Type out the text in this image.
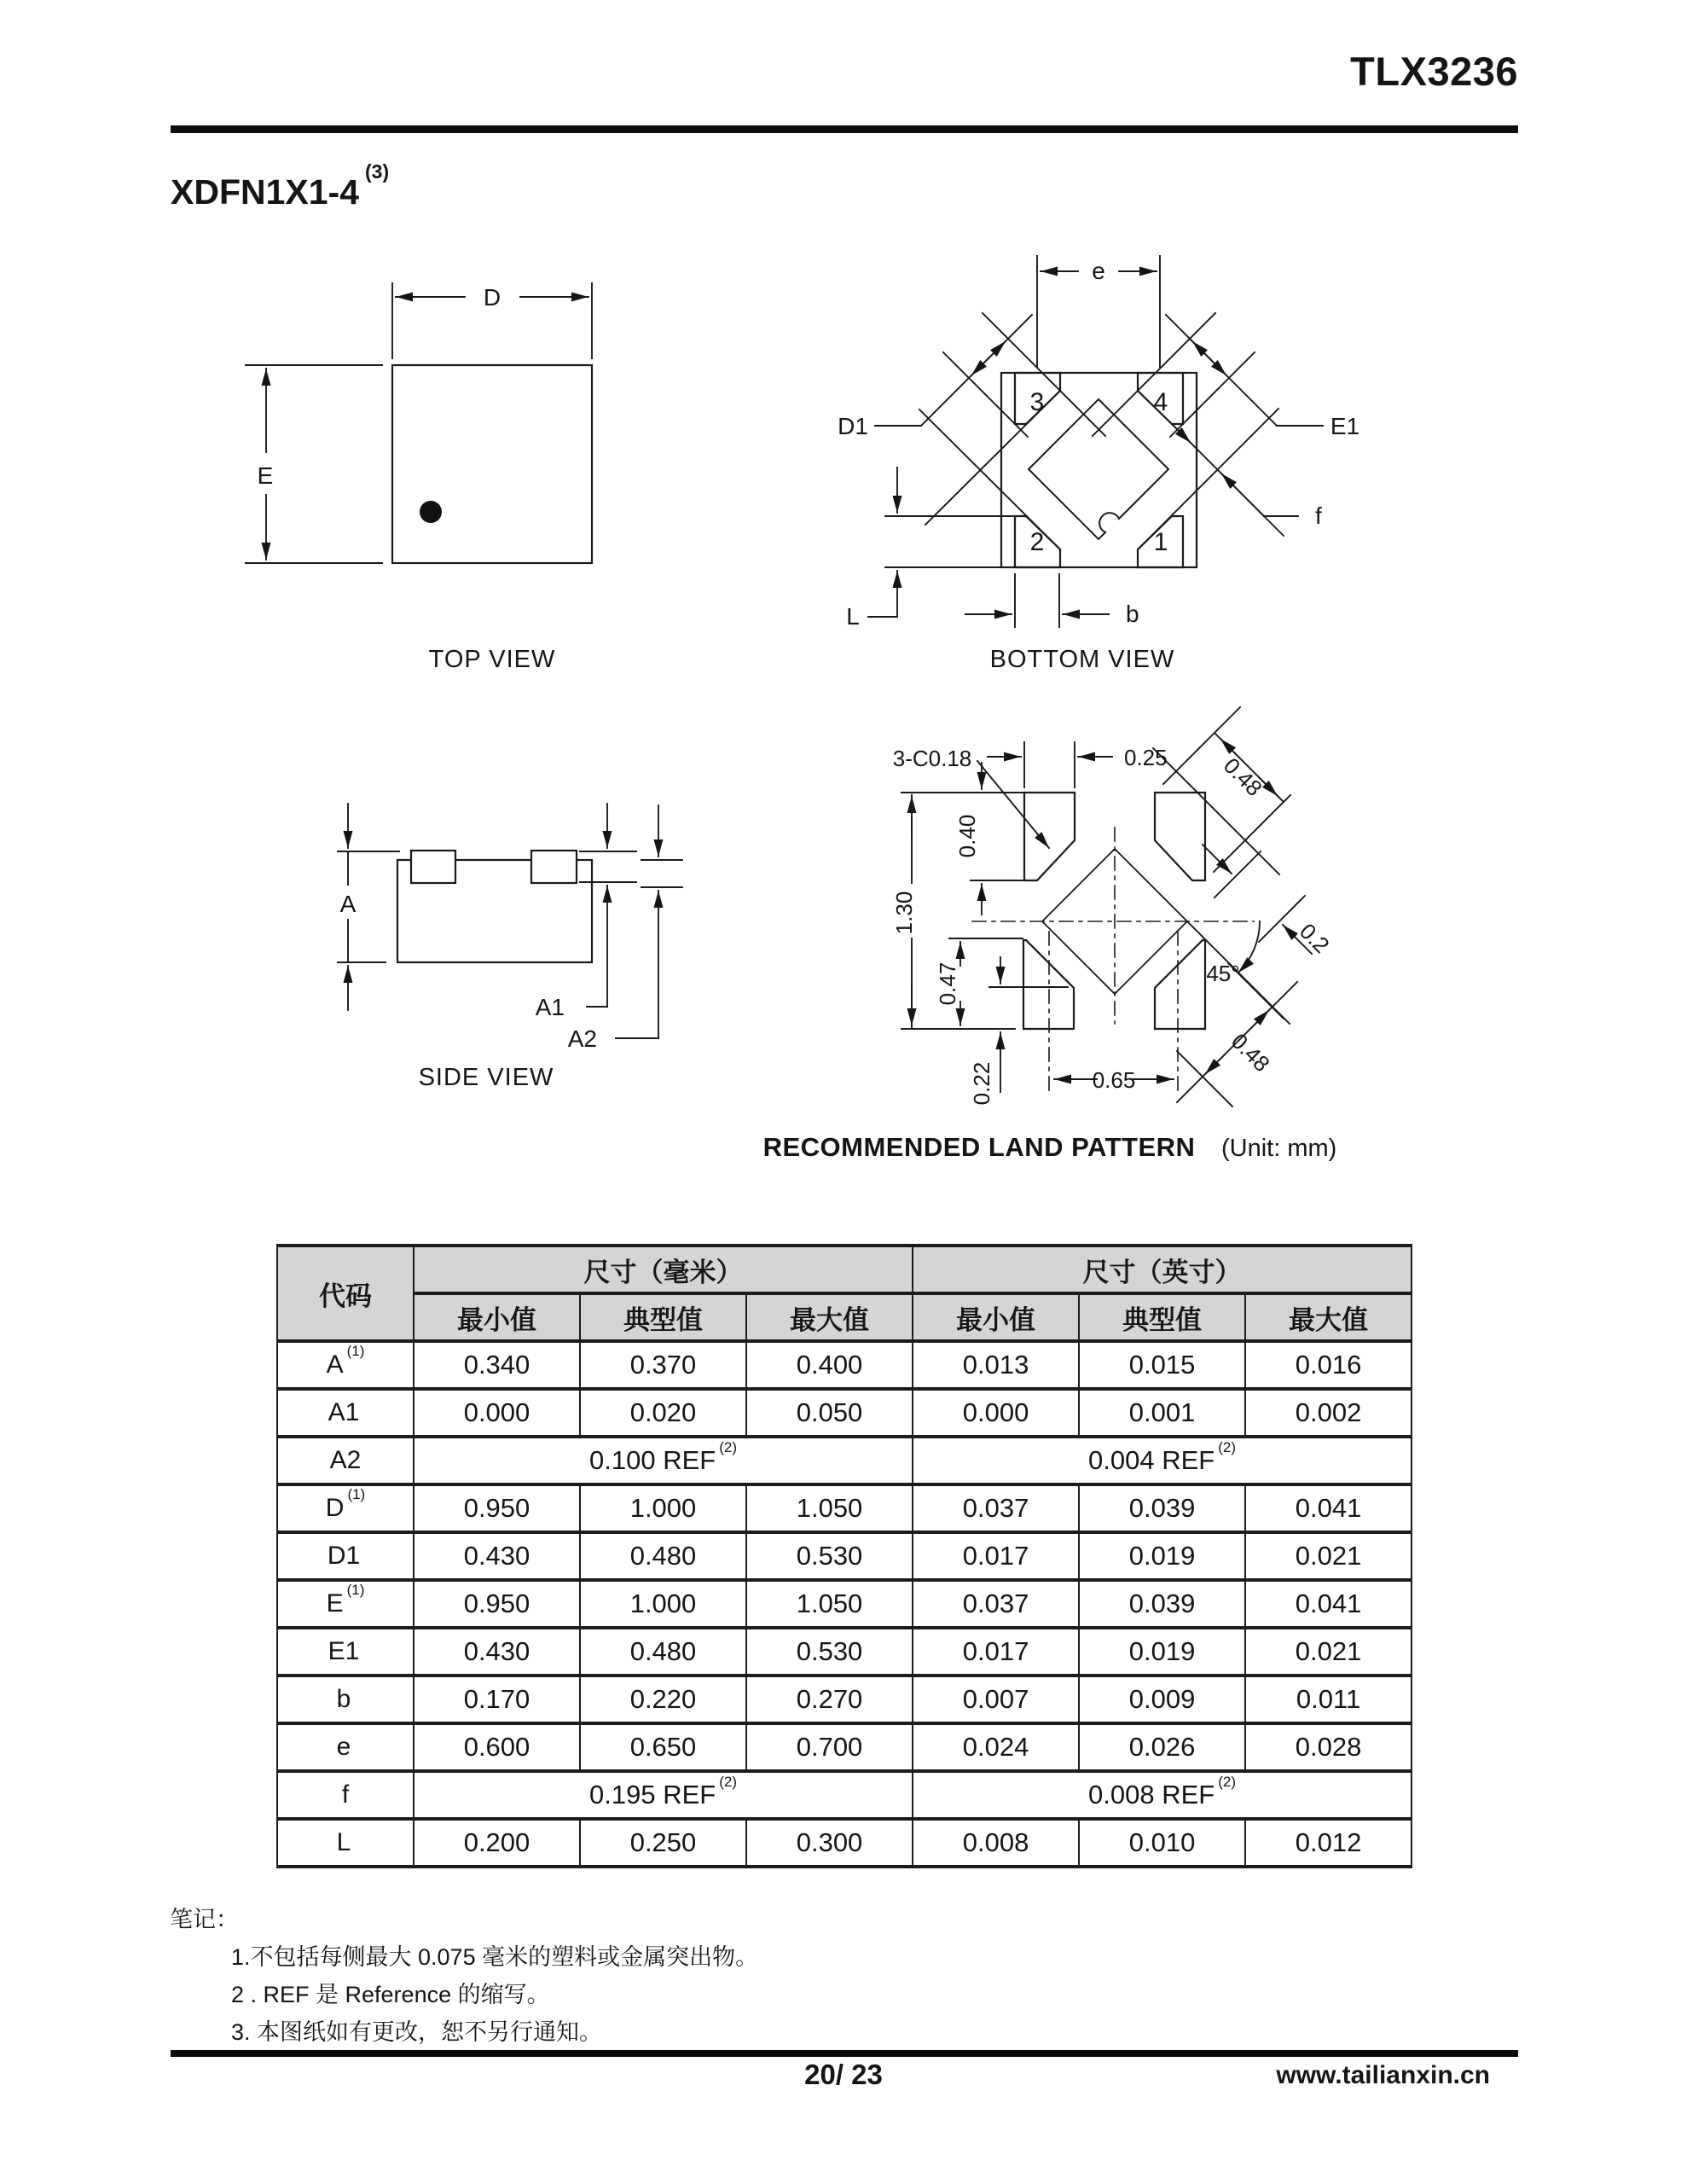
TLX3236
XDFN1X1-4$^{(3)}$
D
E
TOP VIEW
e
D1	E1
f
L	b
3	4
2	1
BOTTOM VIEW
A
A1
A2
SIDE VIEW
3-C0.18	0.25
0.40
1.30
0.47
0.22	0.65
0.48
0.2
45°
0.48
RECOMMENDED LAND PATTERN (Unit: mm)
代码	尺寸（毫米）			尺寸（英寸）		
	最小值	典型值	最大值	最小值	典型值	最大值
A $^{(1)}$	0.340	0.370	0.400	0.013	0.015	0.016
A1	0.000	0.020	0.050	0.000	0.001	0.002
A2	0.100 REF $^{(2)}$			0.004 REF $^{(2)}$
D $^{(1)}$	0.950	1.000	1.050	0.037	0.039	0.041
D1	0.430	0.480	0.530	0.017	0.019	0.021
E $^{(1)}$	0.950	1.000	1.050	0.037	0.039	0.041
E1	0.430	0.480	0.530	0.017	0.019	0.021
b	0.170	0.220	0.270	0.007	0.009	0.011
e	0.600	0.650	0.700	0.024	0.026	0.028
f	0.195 REF $^{(2)}$			0.008 REF $^{(2)}$
L	0.200	0.250	0.300	0.008	0.010	0.012
笔记：
1.不包括每侧最大 0.075 毫米的塑料或金属突出物。
2 . REF 是 Reference 的缩写。
3. 本图纸如有更改，恕不另行通知。
20/ 23	www.tailianxin.cn
